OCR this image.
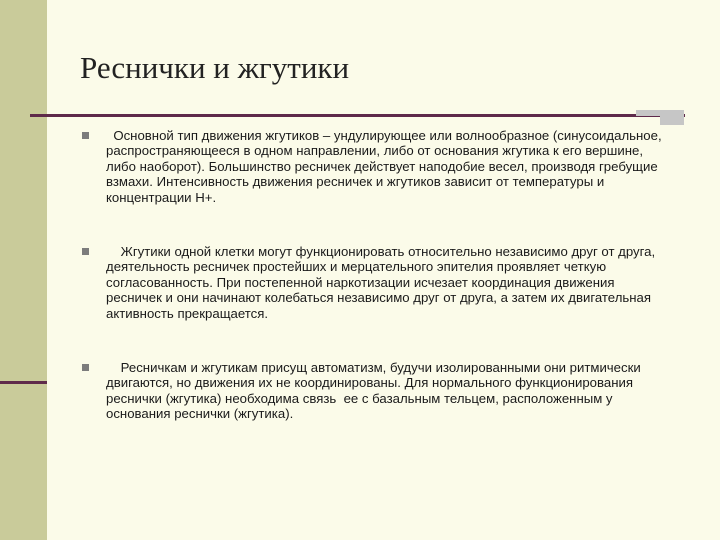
Реснички и жгутики
Основной тип движения жгутиков – ундулирующее или волнообразное (синусоидальное, распространяющееся в одном направлении, либо от основания жгутика к его вершине, либо наоборот). Большинство ресничек действует наподобие весел, производя гребущие взмахи. Интенсивность движения ресничек и жгутиков зависит от температуры и концентрации Н+.
Жгутики одной клетки могут функционировать относительно независимо друг от друга, деятельность ресничек простейших и мерцательного эпителия проявляет четкую согласованность. При постепенной наркотизации исчезает координация движения ресничек и они начинают колебаться независимо друг от друга, а затем их двигательная активность прекращается.
Ресничкам и жгутикам присущ автоматизм, будучи изолированными они ритмически двигаются, но движения их не координированы. Для нормального функционирования реснички (жгутика) необходима связь  ее с базальным тельцем, расположенным у основания реснички (жгутика).
